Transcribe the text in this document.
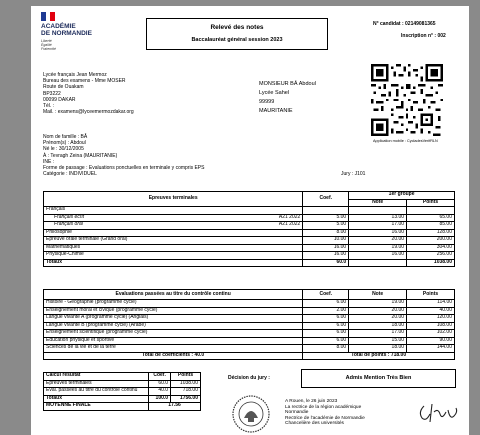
ACADÉMIE
DE NORMANDIE
Liberté
Égalité
Fraternité
Relevé des notes
Baccalauréat général session 2023
N° candidat : 02149081365
Inscription n° : 002
Lycée français Jean Mermoz
Bureau des examens - Mme MOSER
Route de Ouakam
BP3222
00099 DAKAR
Tél. :
Mail. : examens@lyceemermozdakar.org
MONSIEUR BÂ Abdoul
Lycée Sahel
99999
MAURITANIE
Application mobile : CycladesVerifRLN
Nom de famille : BÂ
Prénom(s) : Abdoul
Né le : 30/12/2005
À : Tevragh Zeina (MAURITANIE)
INE :
Forme de passage : Evaluations ponctuelles en terminale y compris EPS
Catégorie : INDIVIDUEL	Jury : J101
Epreuves terminales	Coef.	1er groupe	
		Note	Points
Français			
Français écrit A21 2022	5.00	13.00	65.00
Français oral A21 2022	5.00	17.00	85.00
Philosophie	8.00	16.00	128.00
Epreuve orale terminale (Grand oral)	10.00	20.00	200.00
Mathématiques	16.00	19.00	304.00
Physique-Chimie	16.00	16.00	256.00
Totaux	60.0		1038.00
Evaluations passées au titre du contrôle continu	Coef.	Note	Points
Histoire - Géographie (programme cycle)	6.00	19.00	114.00
Enseignement moral et civique (programme cycle)	2.00	20.00	40.00
Langue vivante A (programme cycle) (Anglais)	6.00	20.00	120.00
Langue vivante B (programme cycle) (Arabe)	6.00	18.00	108.00
Enseignement scientifique (programme cycle)	6.00	17.00	102.00
Education physique et sportive	6.00	15.00	90.00
Sciences de la vie et de la terre	8.00	18.00	144.00
Total de coefficients : 40.0	Total de points : 718.00		
Calcul résultat	Coef.	Points
Epreuves terminales	60.0	1038.00
Eval. passées au titre du contrôle continu	40.0	718.00
Totaux	100.0	1756.00
MOYENNE FINALE	17.56	
Décision du jury :	Admis Mention Très Bien
A Rouen, le 26 juin 2023
La rectrice de la région académique
Normandie
Rectrice de l'académie de Normandie
Chancelière des universités
